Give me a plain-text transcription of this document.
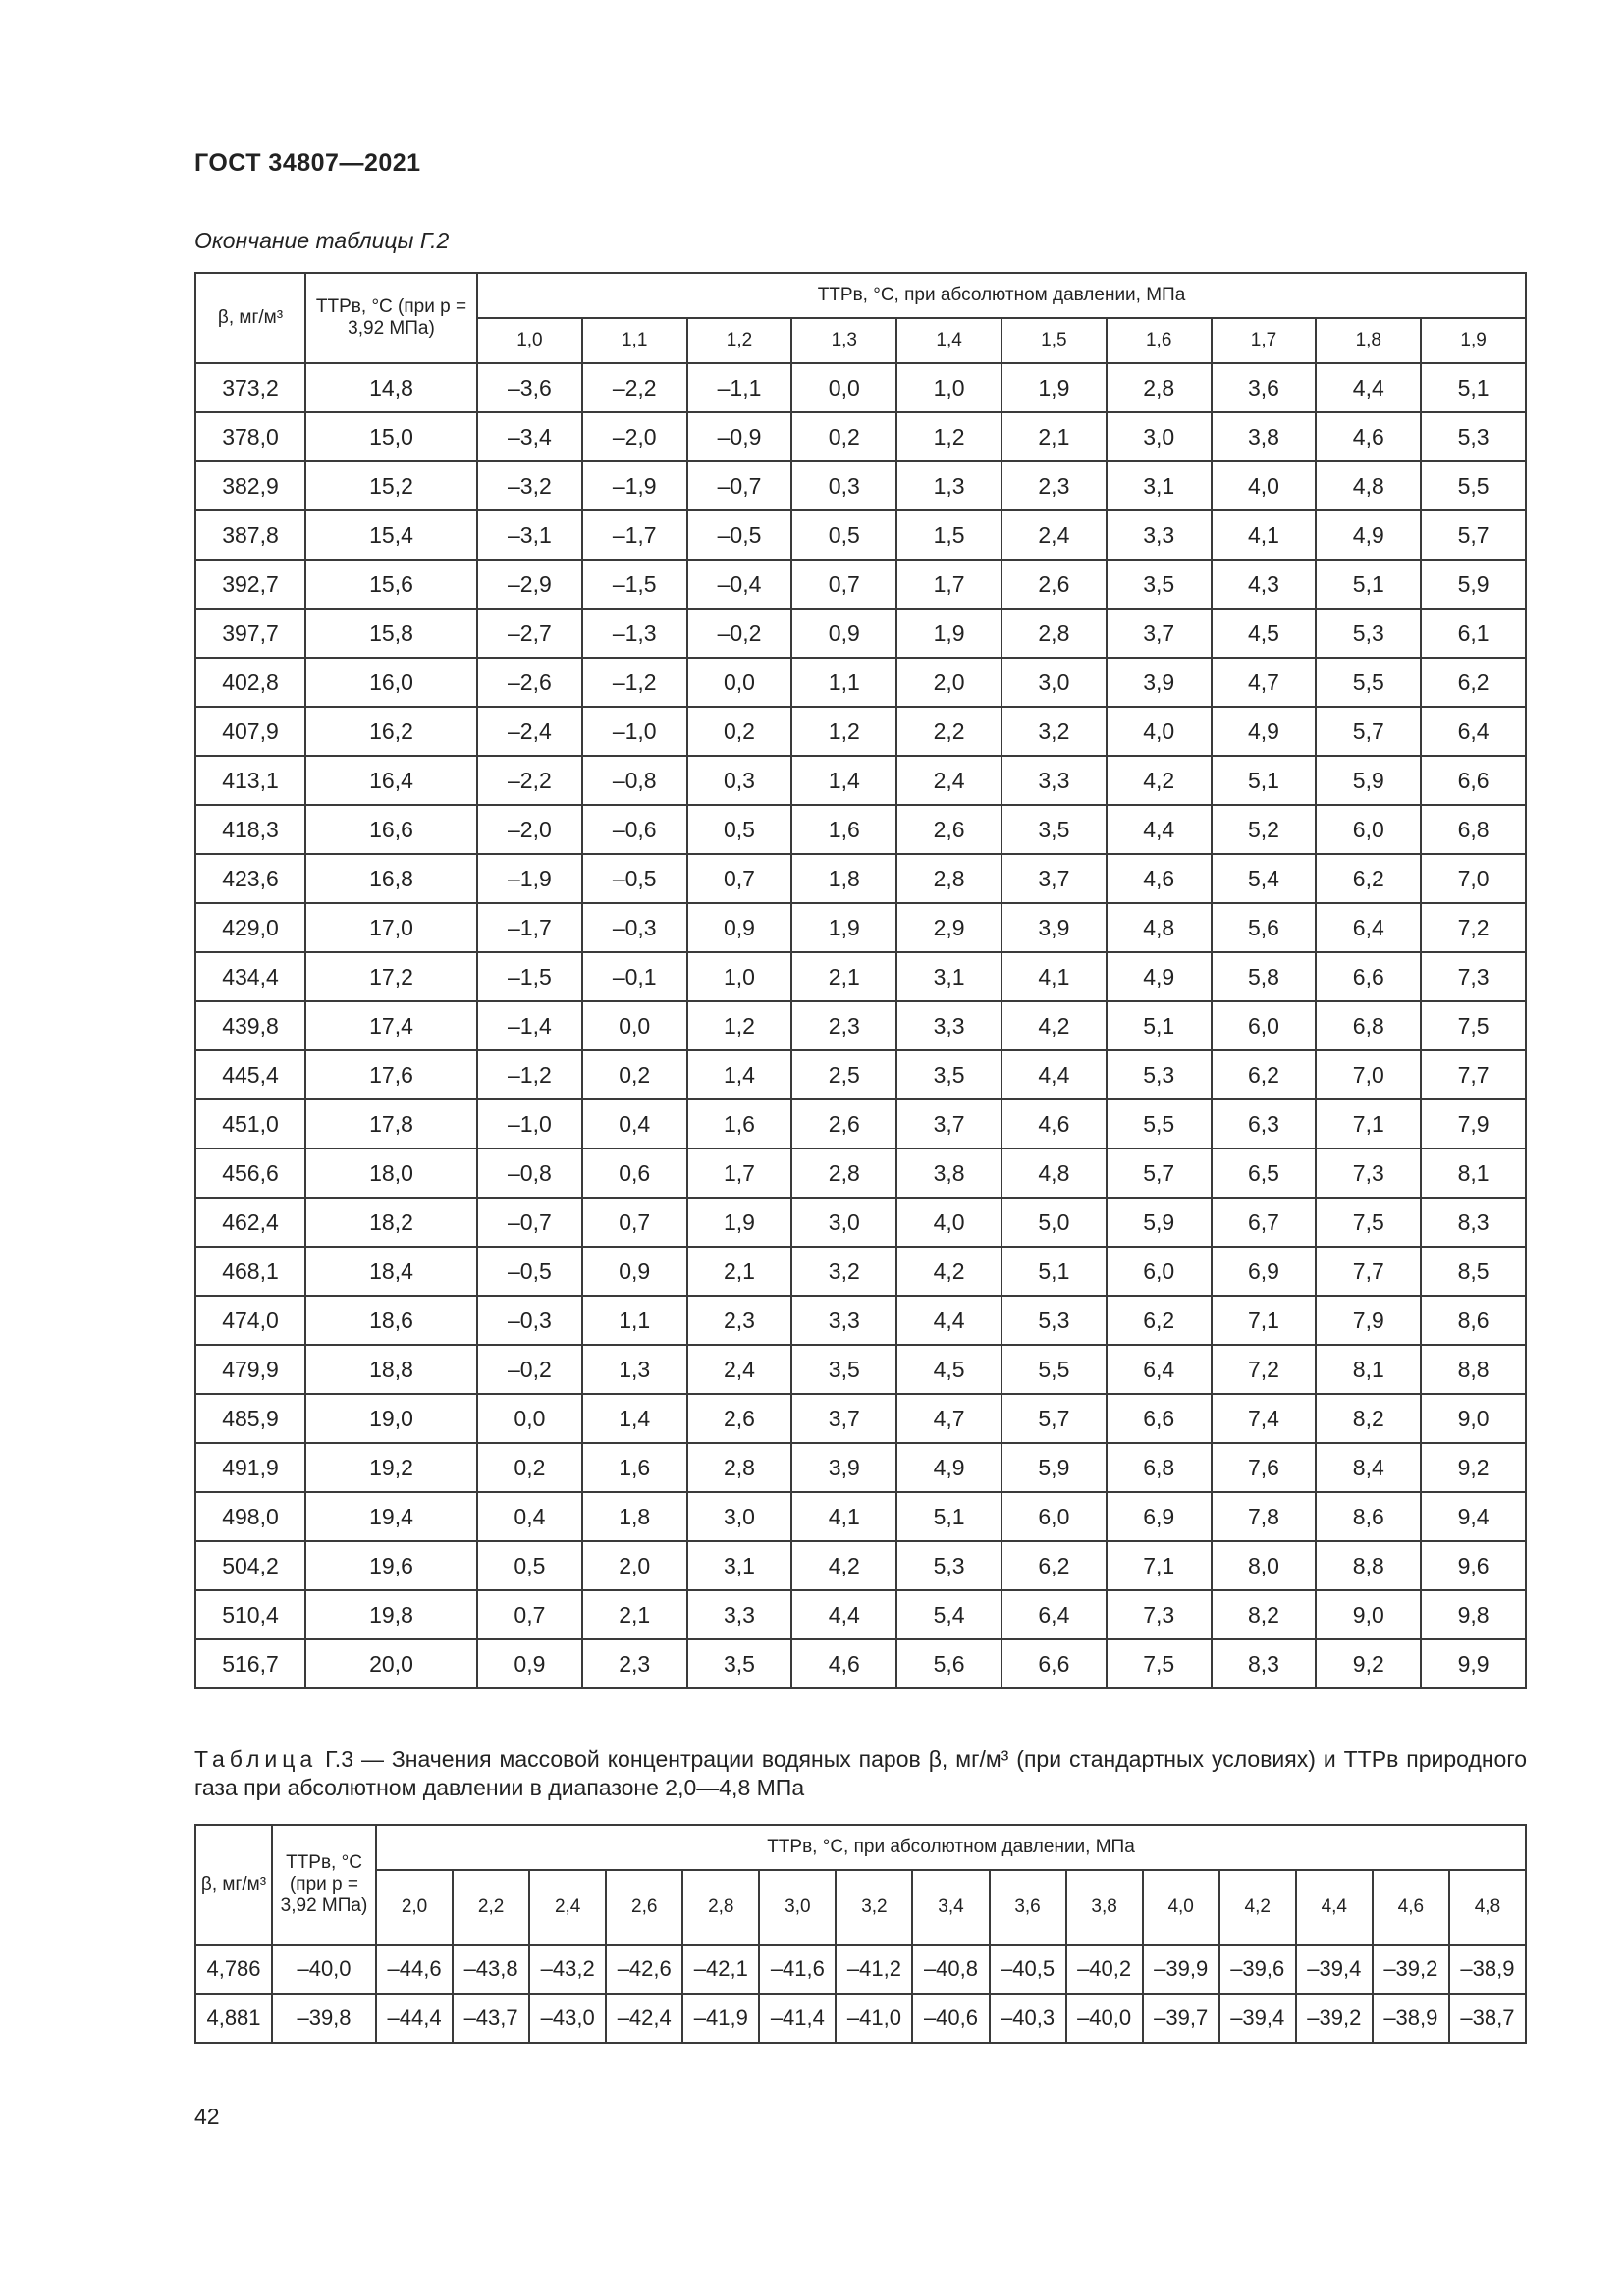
ГОСТ 34807—2021
Окончание таблицы Г.2
β, мг/м³	ТТРв, °С (при p = 3,92 МПа)	ТТРв, °С, при абсолютном давлении, МПа									
		1,0	1,1	1,2	1,3	1,4	1,5	1,6	1,7	1,8	1,9
373,2	14,8	–3,6	–2,2	–1,1	0,0	1,0	1,9	2,8	3,6	4,4	5,1
378,0	15,0	–3,4	–2,0	–0,9	0,2	1,2	2,1	3,0	3,8	4,6	5,3
382,9	15,2	–3,2	–1,9	–0,7	0,3	1,3	2,3	3,1	4,0	4,8	5,5
387,8	15,4	–3,1	–1,7	–0,5	0,5	1,5	2,4	3,3	4,1	4,9	5,7
392,7	15,6	–2,9	–1,5	–0,4	0,7	1,7	2,6	3,5	4,3	5,1	5,9
397,7	15,8	–2,7	–1,3	–0,2	0,9	1,9	2,8	3,7	4,5	5,3	6,1
402,8	16,0	–2,6	–1,2	0,0	1,1	2,0	3,0	3,9	4,7	5,5	6,2
407,9	16,2	–2,4	–1,0	0,2	1,2	2,2	3,2	4,0	4,9	5,7	6,4
413,1	16,4	–2,2	–0,8	0,3	1,4	2,4	3,3	4,2	5,1	5,9	6,6
418,3	16,6	–2,0	–0,6	0,5	1,6	2,6	3,5	4,4	5,2	6,0	6,8
423,6	16,8	–1,9	–0,5	0,7	1,8	2,8	3,7	4,6	5,4	6,2	7,0
429,0	17,0	–1,7	–0,3	0,9	1,9	2,9	3,9	4,8	5,6	6,4	7,2
434,4	17,2	–1,5	–0,1	1,0	2,1	3,1	4,1	4,9	5,8	6,6	7,3
439,8	17,4	–1,4	0,0	1,2	2,3	3,3	4,2	5,1	6,0	6,8	7,5
445,4	17,6	–1,2	0,2	1,4	2,5	3,5	4,4	5,3	6,2	7,0	7,7
451,0	17,8	–1,0	0,4	1,6	2,6	3,7	4,6	5,5	6,3	7,1	7,9
456,6	18,0	–0,8	0,6	1,7	2,8	3,8	4,8	5,7	6,5	7,3	8,1
462,4	18,2	–0,7	0,7	1,9	3,0	4,0	5,0	5,9	6,7	7,5	8,3
468,1	18,4	–0,5	0,9	2,1	3,2	4,2	5,1	6,0	6,9	7,7	8,5
474,0	18,6	–0,3	1,1	2,3	3,3	4,4	5,3	6,2	7,1	7,9	8,6
479,9	18,8	–0,2	1,3	2,4	3,5	4,5	5,5	6,4	7,2	8,1	8,8
485,9	19,0	0,0	1,4	2,6	3,7	4,7	5,7	6,6	7,4	8,2	9,0
491,9	19,2	0,2	1,6	2,8	3,9	4,9	5,9	6,8	7,6	8,4	9,2
498,0	19,4	0,4	1,8	3,0	4,1	5,1	6,0	6,9	7,8	8,6	9,4
504,2	19,6	0,5	2,0	3,1	4,2	5,3	6,2	7,1	8,0	8,8	9,6
510,4	19,8	0,7	2,1	3,3	4,4	5,4	6,4	7,3	8,2	9,0	9,8
516,7	20,0	0,9	2,3	3,5	4,6	5,6	6,6	7,5	8,3	9,2	9,9
Таблица Г.3 — Значения массовой концентрации водяных паров β, мг/м³ (при стандартных условиях) и ТТРв природного газа при абсолютном давлении в диапазоне 2,0—4,8 МПа
β, мг/м³	ТТРв, °С (при p = 3,92 МПа)	ТТРв, °С, при абсолютном давлении, МПа														
		2,0	2,2	2,4	2,6	2,8	3,0	3,2	3,4	3,6	3,8	4,0	4,2	4,4	4,6	4,8
4,786	–40,0	–44,6	–43,8	–43,2	–42,6	–42,1	–41,6	–41,2	–40,8	–40,5	–40,2	–39,9	–39,6	–39,4	–39,2	–38,9
4,881	–39,8	–44,4	–43,7	–43,0	–42,4	–41,9	–41,4	–41,0	–40,6	–40,3	–40,0	–39,7	–39,4	–39,2	–38,9	–38,7
42
